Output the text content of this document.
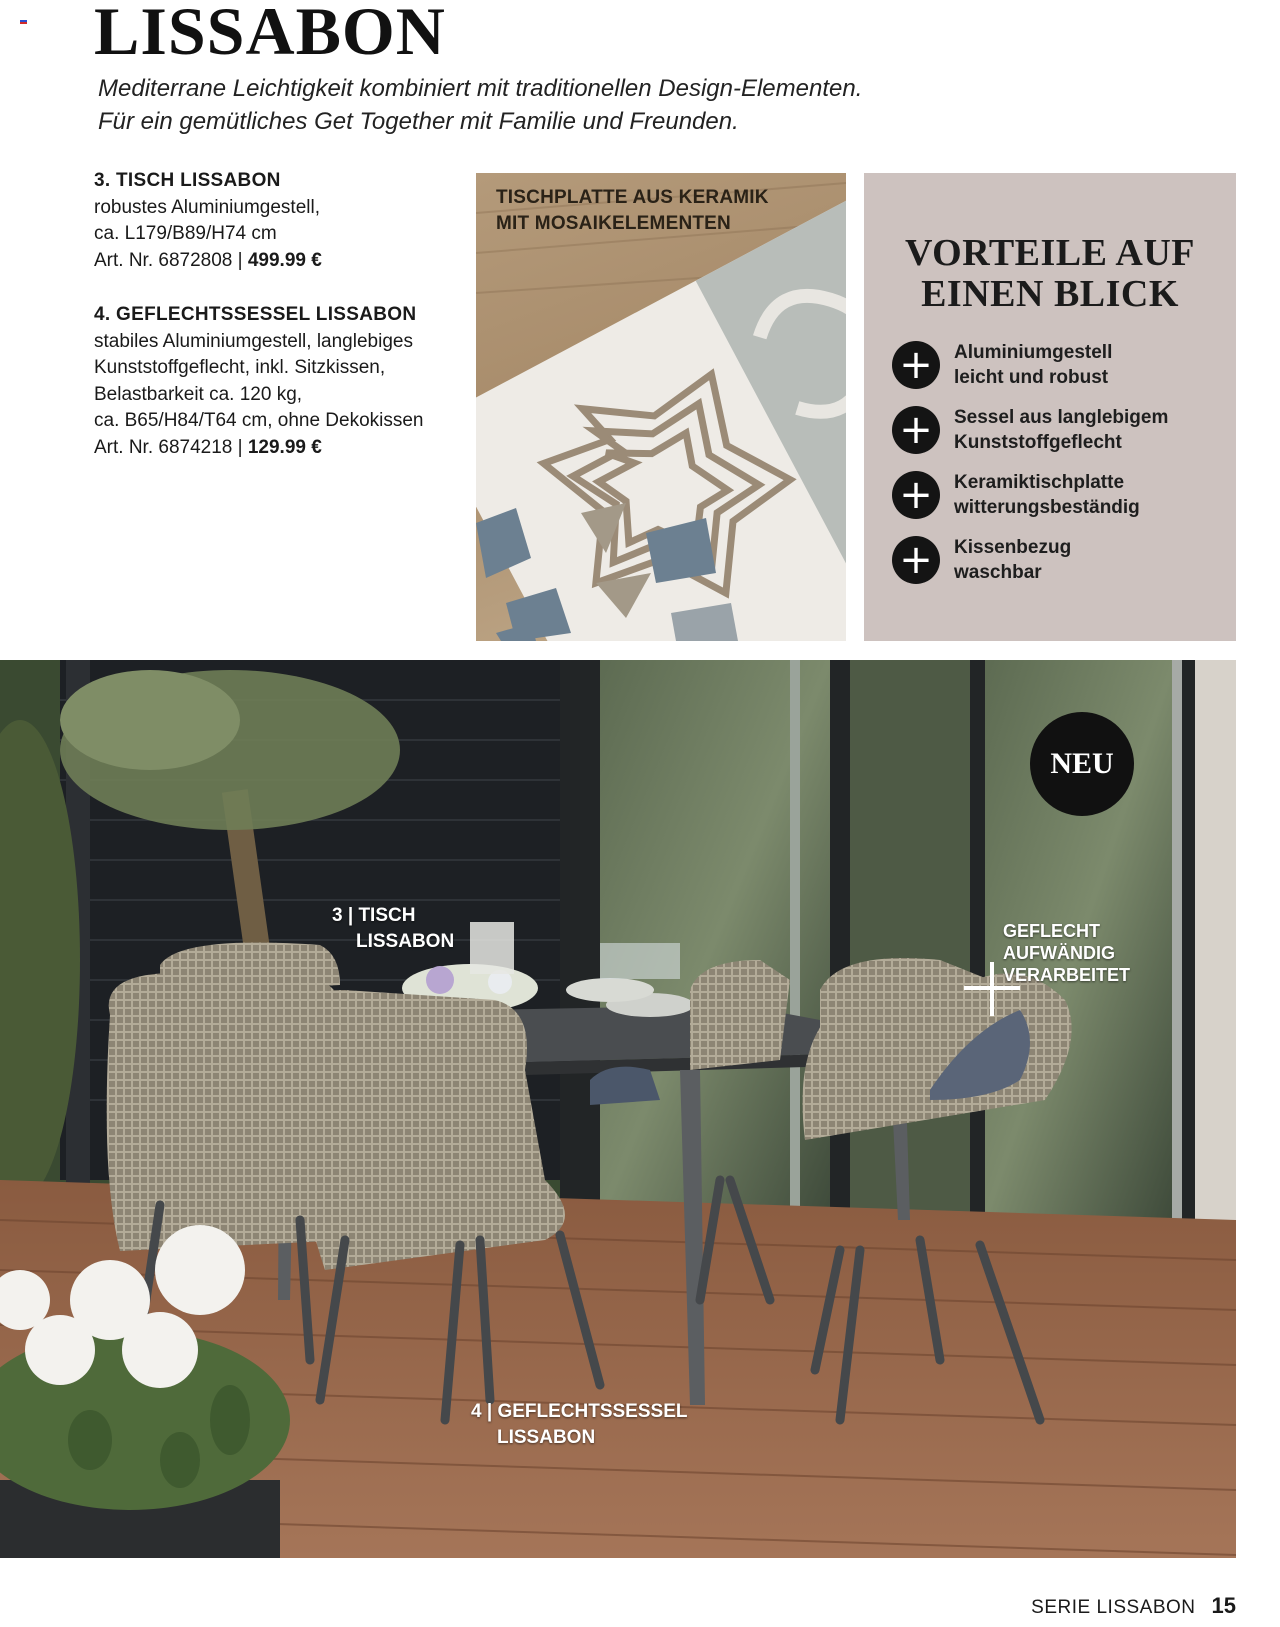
LISSABON
Mediterrane Leichtigkeit kombiniert mit traditionellen Design-Elementen.
Für ein gemütliches Get Together mit Familie und Freunden.
3. TISCH LISSABON
robustes Aluminiumgestell,
ca. L179/B89/H74 cm
Art. Nr. 6872808 | 499.99 €
4. GEFLECHTSSESSEL LISSABON
stabiles Aluminiumgestell, langlebiges
Kunststoffgeflecht, inkl. Sitzkissen,
Belastbarkeit ca. 120 kg,
ca. B65/H84/T64 cm, ohne Dekokissen
Art. Nr. 6874218 | 129.99 €
TISCHPLATTE AUS KERAMIK
MIT MOSAIKELEMENTEN
VORTEILE AUF
EINEN BLICK
+	Aluminiumgestell
leicht und robust
+	Sessel aus langlebigem
Kunststoffgeflecht
+	Keramiktischplatte
witterungsbeständig
+	Kissenbezug
waschbar
NEU
3 | TISCH
LISSABON
4 | GEFLECHTSSESSEL
LISSABON
GEFLECHT
AUFWÄNDIG
VERARBEITET
SERIE LISSABON 15
